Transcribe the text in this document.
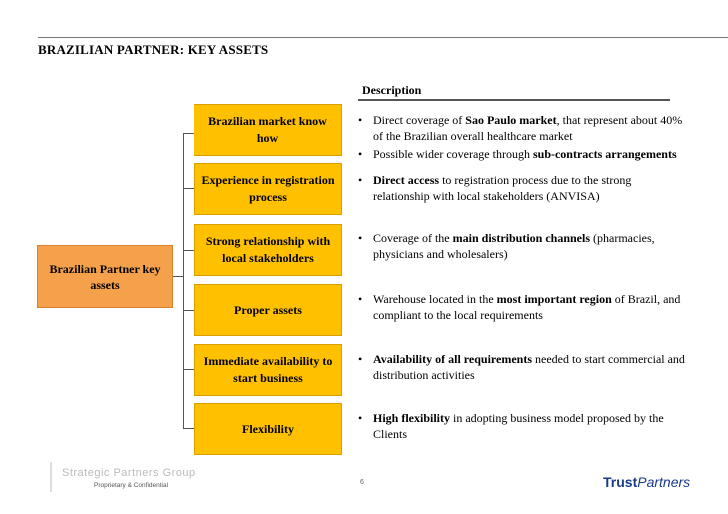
BRAZILIAN PARTNER: KEY ASSETS
Description
Brazilian Partner key assets
Brazilian market know how
Experience in registration process
Strong relationship with local stakeholders
Proper assets
Immediate availability to start business
Flexibility
• Direct coverage of Sao Paulo market, that represent about 40% of the Brazilian overall healthcare market
• Possible wider coverage through sub-contracts arrangements
• Direct access to registration process due to the strong relationship with local stakeholders (ANVISA)
• Coverage of the main distribution channels (pharmacies, physicians and wholesalers)
• Warehouse located in the most important region of Brazil, and compliant to the local requirements
• Availability of all requirements needed to start commercial and distribution activities
• High flexibility in adopting business model proposed by the Clients
Strategic Partners Group
Proprietary & Confidential	6	TrustPartners
